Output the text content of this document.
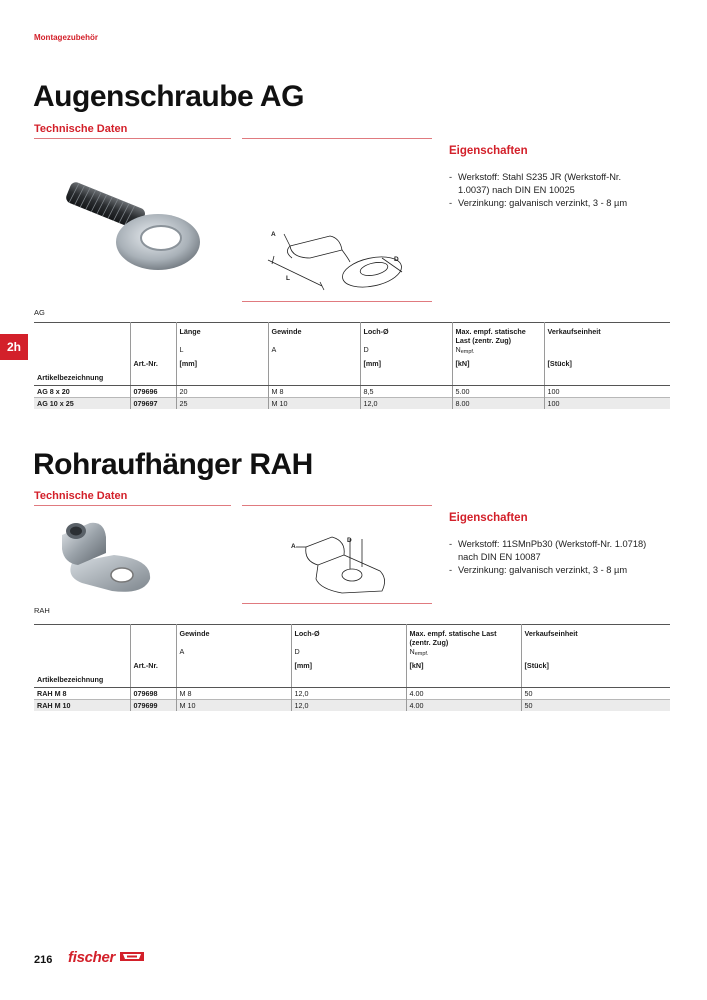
Montagezubehör
2h
Augenschraube AG
Technische Daten
A
D
L
Eigenschaften
- Werkstoff: Stahl S235 JR (Werkstoff-Nr. 1.0037) nach DIN EN 10025
- Verzinkung: galvanisch verzinkt, 3 - 8 µm
AG
		Länge	Gewinde	Loch-Ø	Max. empf. statische Last (zentr. Zug)	Verkaufseinheit
		L	A	D	Nempf.	
	Art.-Nr.	[mm]		[mm]	[kN]	[Stück]
Artikelbezeichnung						
AG 8 x 20	079696	20	M 8	8,5	5.00	100
AG 10 x 25	079697	25	M 10	12,0	8.00	100
Rohraufhänger RAH
Technische Daten
A
D
Eigenschaften
- Werkstoff: 11SMnPb30 (Werkstoff-Nr. 1.0718) nach DIN EN 10087
- Verzinkung: galvanisch verzinkt, 3 - 8 µm
RAH
		Gewinde	Loch-Ø	Max. empf. statische Last (zentr. Zug)	Verkaufseinheit
		A	D	Nempf.	
	Art.-Nr.		[mm]	[kN]	[Stück]
Artikelbezeichnung					
RAH M 8	079698	M 8	12,0	4.00	50
RAH M 10	079699	M 10	12,0	4.00	50
216 fischer
